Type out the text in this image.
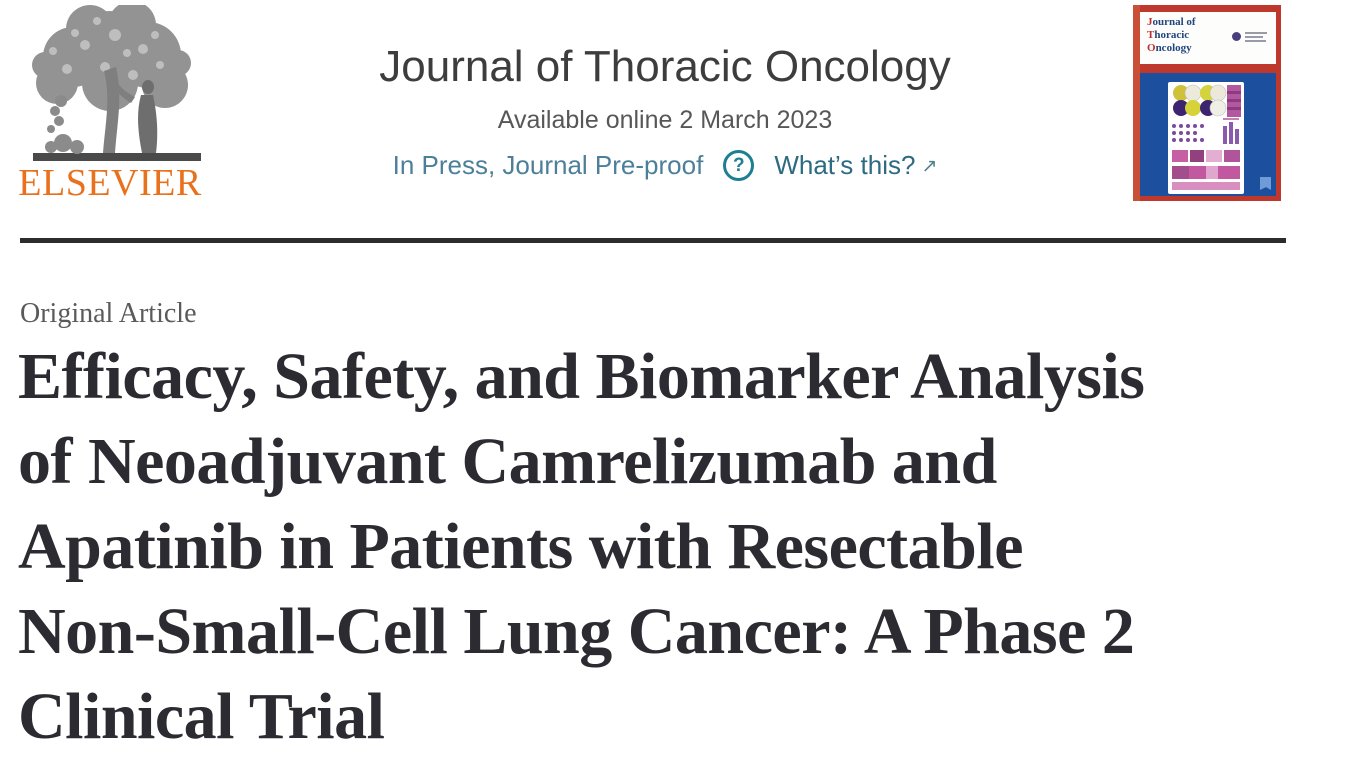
ELSEVIER
Journal of Thoracic Oncology
Available online 2 March 2023
In Press, Journal Pre-proof ? What’s this? ↗
Journal of
Thoracic
Oncology
Original Article
Efficacy, Safety, and Biomarker Analysis
of Neoadjuvant Camrelizumab and
Apatinib in Patients with Resectable
Non-Small-Cell Lung Cancer: A Phase 2
Clinical Trial
